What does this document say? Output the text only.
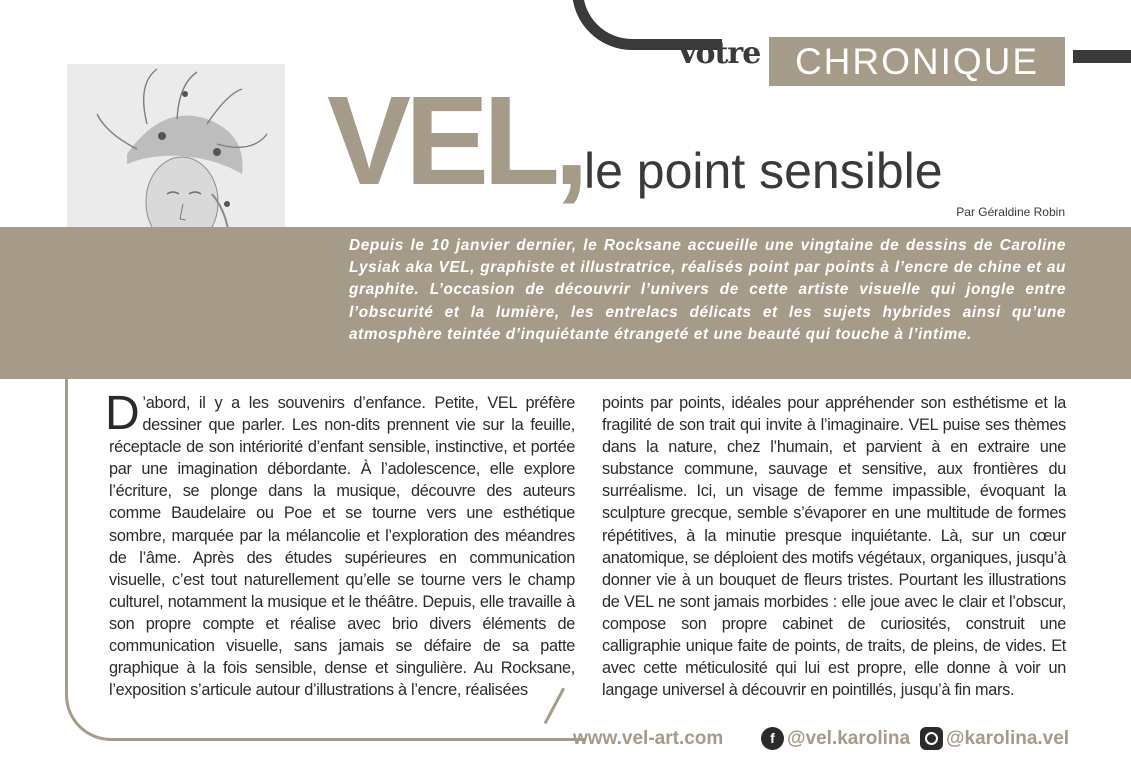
Votre CHRONIQUE
VEL, le point sensible
Par Géraldine Robin

Depuis le 10 janvier dernier, le Rocksane accueille une vingtaine de dessins de Caroline Lysiak aka VEL, graphiste et illustratrice, réalisés point par points à l’encre de chine et au graphite. L’occasion de découvrir l’univers de cette artiste visuelle qui jongle entre l’obscurité et la lumière, les entrelacs délicats et les sujets hybrides ainsi qu’une atmosphère teintée d’inquiétante étrangeté et une beauté qui touche à l’intime.

D ’abord, il y a les souvenirs d’enfance. Petite, VEL préfère dessiner que parler. Les non-dits prennent vie sur la feuille, réceptacle de son intériorité d’enfant sensible, instinctive, et portée par une imagination débordante. À l’adolescence, elle explore l’écriture, se plonge dans la musique, découvre des auteurs comme Baudelaire ou Poe et se tourne vers une esthétique sombre, marquée par la mélancolie et l’exploration des méandres de l’âme. Après des études supérieures en communication visuelle, c’est tout naturellement qu’elle se tourne vers le champ culturel, notamment la musique et le théâtre. Depuis, elle travaille à son propre compte et réalise avec brio divers éléments de communication visuelle, sans jamais se défaire de sa patte graphique à la fois sensible, dense et singulière. Au Rocksane, l’exposition s’articule autour d’illustrations à l’encre, réalisées

points par points, idéales pour appréhender son esthétisme et la fragilité de son trait qui invite à l’imaginaire. VEL puise ses thèmes dans la nature, chez l’humain, et parvient à en extraire une substance commune, sauvage et sensitive, aux frontières du surréalisme. Ici, un visage de femme impassible, évoquant la sculpture grecque, semble s’évaporer en une multitude de formes répétitives, à la minutie presque inquiétante. Là, sur un cœur anatomique, se déploient des motifs végétaux, organiques, jusqu’à donner vie à un bouquet de fleurs tristes. Pourtant les illustrations de VEL ne sont jamais morbides : elle joue avec le clair et l’obscur, compose son propre cabinet de curiosités, construit une calligraphie unique faite de points, de traits, de pleins, de vides. Et avec cette méticulosité qui lui est propre, elle donne à voir un langage universel à découvrir en pointillés, jusqu’à fin mars.

www.vel-art.com	f @vel.karolina @karolina.vel
